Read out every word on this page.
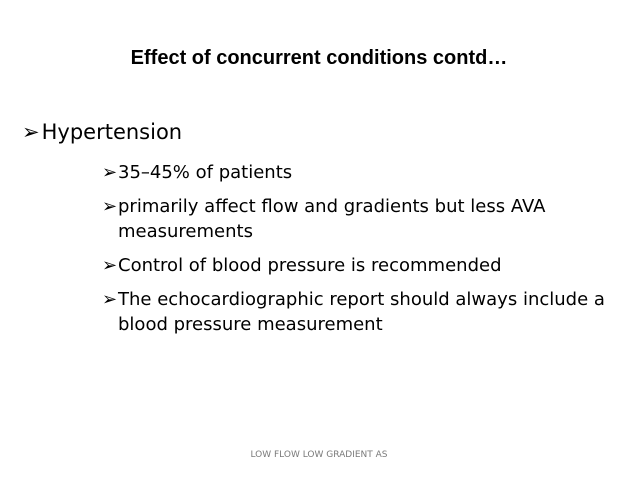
Effect of concurrent conditions contd…
➢Hypertension
➢ 35–45% of patients
➢ primarily affect flow and gradients but less AVA measurements
➢ Control of blood pressure is recommended
➢ The echocardiographic report should always include a blood pressure measurement
LOW FLOW LOW GRADIENT AS
